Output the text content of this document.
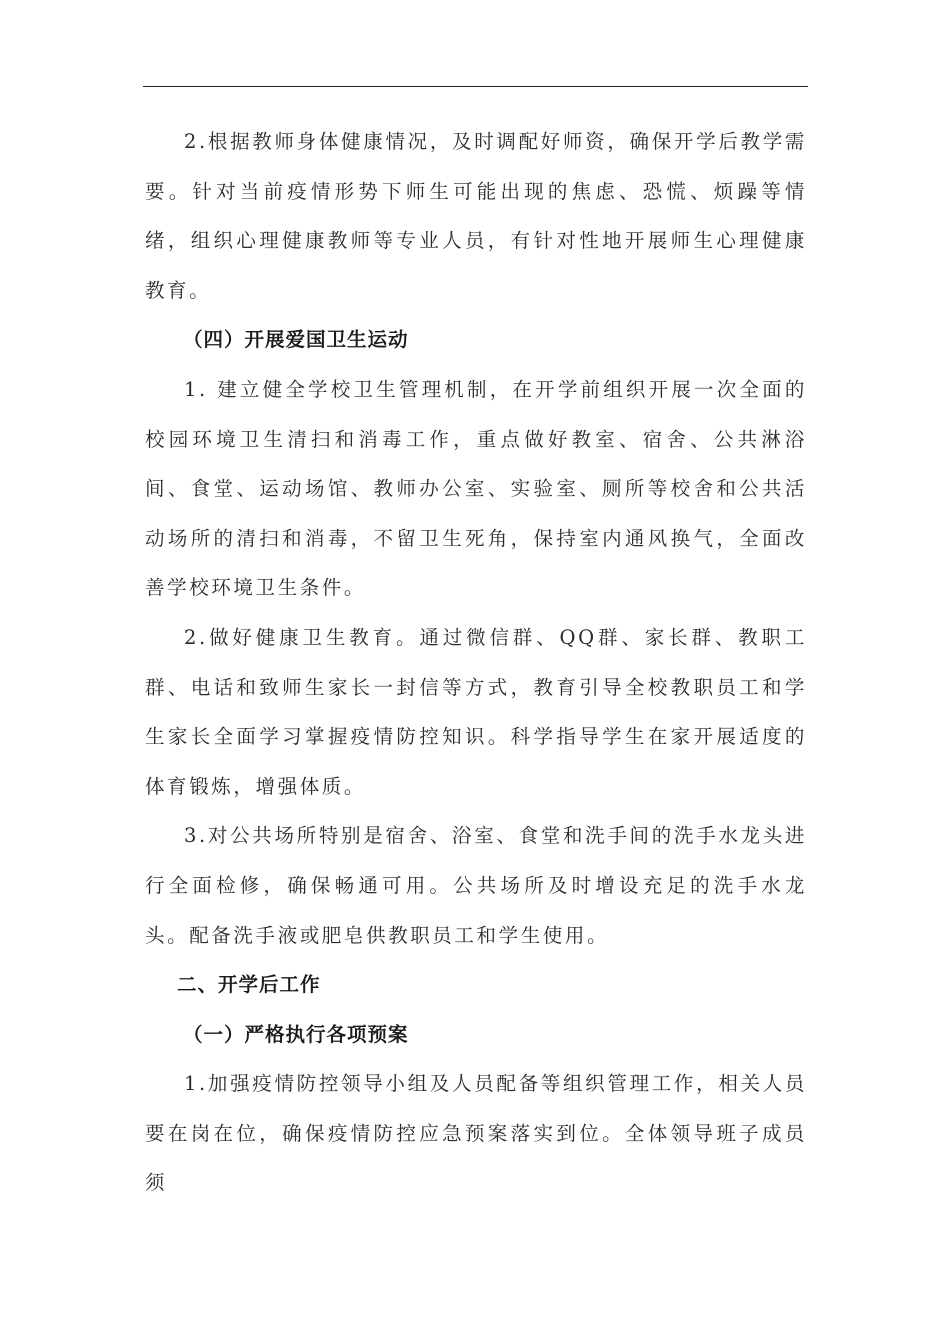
2.根据教师身体健康情况，及时调配好师资，确保开学后教学需要。针对当前疫情形势下师生可能出现的焦虑、恐慌、烦躁等情绪，组织心理健康教师等专业人员，有针对性地开展师生心理健康教育。

（四）开展爱国卫生运动

1. 建立健全学校卫生管理机制，在开学前组织开展一次全面的校园环境卫生清扫和消毒工作，重点做好教室、宿舍、公共淋浴间、食堂、运动场馆、教师办公室、实验室、厕所等校舍和公共活动场所的清扫和消毒，不留卫生死角，保持室内通风换气，全面改善学校环境卫生条件。

2.做好健康卫生教育。通过微信群、QQ群、家长群、教职工群、电话和致师生家长一封信等方式，教育引导全校教职员工和学生家长全面学习掌握疫情防控知识。科学指导学生在家开展适度的体育锻炼，增强体质。

3.对公共场所特别是宿舍、浴室、食堂和洗手间的洗手水龙头进行全面检修，确保畅通可用。公共场所及时增设充足的洗手水龙头。配备洗手液或肥皂供教职员工和学生使用。

二、开学后工作

（一）严格执行各项预案

1.加强疫情防控领导小组及人员配备等组织管理工作，相关人员要在岗在位，确保疫情防控应急预案落实到位。全体领导班子成员须
